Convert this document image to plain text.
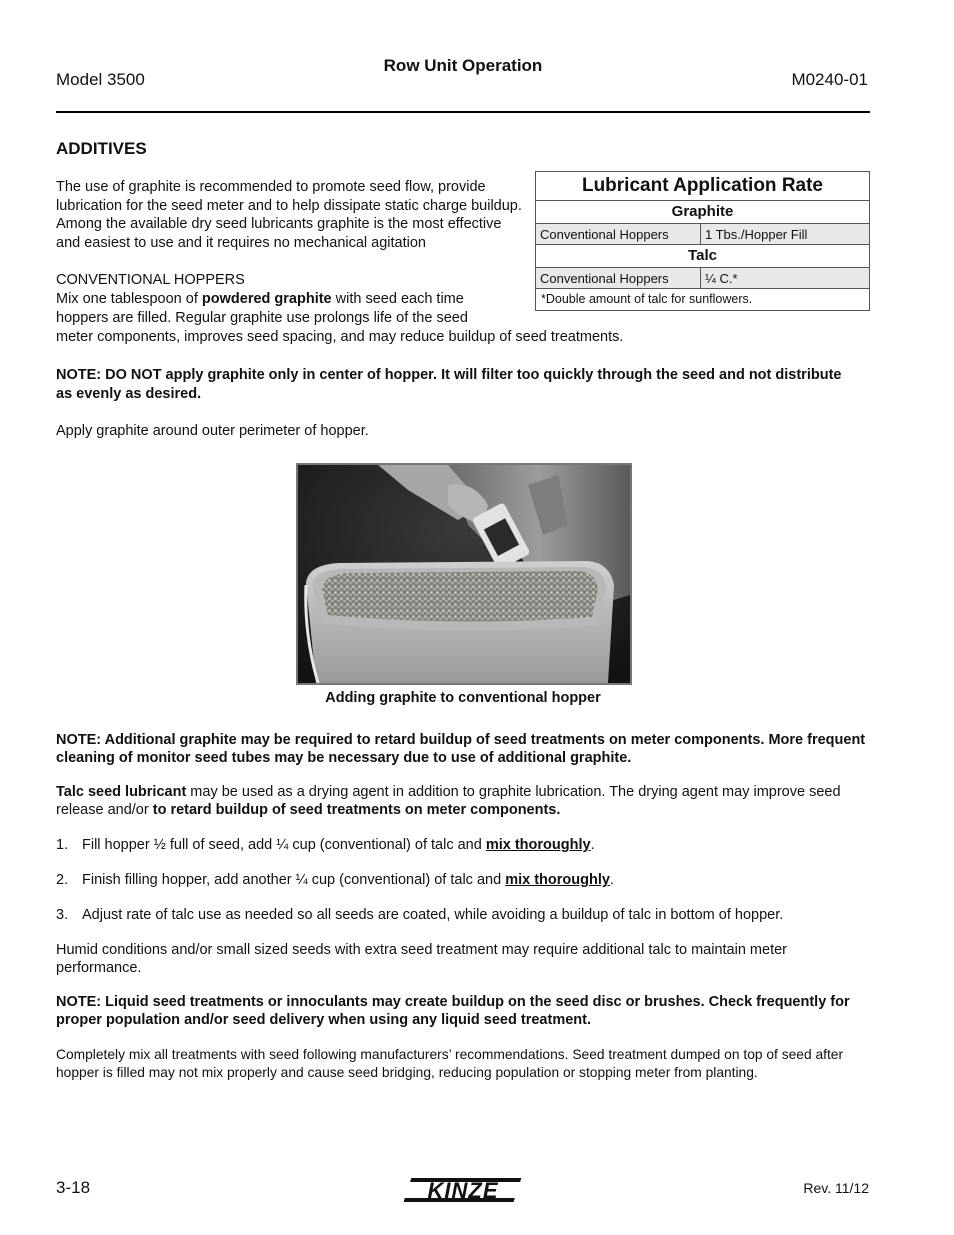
Model 3500
Row Unit Operation
M0240-01
ADDITIVES
The use of graphite is recommended to promote seed flow, provide lubrication for the seed meter and to help dissipate static charge buildup. Among the available dry seed lubricants graphite is the most effective and easiest to use and it requires no mechanical agitation
CONVENTIONAL HOPPERS
Mix one tablespoon of powdered graphite with seed each time
hoppers are filled. Regular graphite use prolongs life of the seed
meter components, improves seed spacing, and may reduce buildup of seed treatments.
Lubricant Application Rate
Graphite
Conventional Hoppers	1 Tbs./Hopper Fill
Talc
Conventional Hoppers	¼ C.*
*Double amount of talc for sunflowers.
NOTE: DO NOT apply graphite only in center of hopper. It will filter too quickly through the seed and not distribute as evenly as desired.
Apply graphite around outer perimeter of hopper.
Adding graphite to conventional hopper
NOTE: Additional graphite may be required to retard buildup of seed treatments on meter components. More frequent cleaning of monitor seed tubes may be necessary due to use of additional graphite.
Talc seed lubricant may be used as a drying agent in addition to graphite lubrication. The drying agent may improve seed release and/or to retard buildup of seed treatments on meter components.
1. Fill hopper ½ full of seed, add ¼ cup (conventional) of talc and mix thoroughly.
2. Finish filling hopper, add another ¼ cup (conventional) of talc and mix thoroughly.
3. Adjust rate of talc use as needed so all seeds are coated, while avoiding a buildup of talc in bottom of hopper.
Humid conditions and/or small sized seeds with extra seed treatment may require additional talc to maintain meter performance.
NOTE: Liquid seed treatments or innoculants may create buildup on the seed disc or brushes. Check frequently for proper population and/or seed delivery when using any liquid seed treatment.
Completely mix all treatments with seed following manufacturers’ recommendations. Seed treatment dumped on top of seed after hopper is filled may not mix properly and cause seed bridging, reducing population or stopping meter from planting.
3-18	KINZE	Rev. 11/12
